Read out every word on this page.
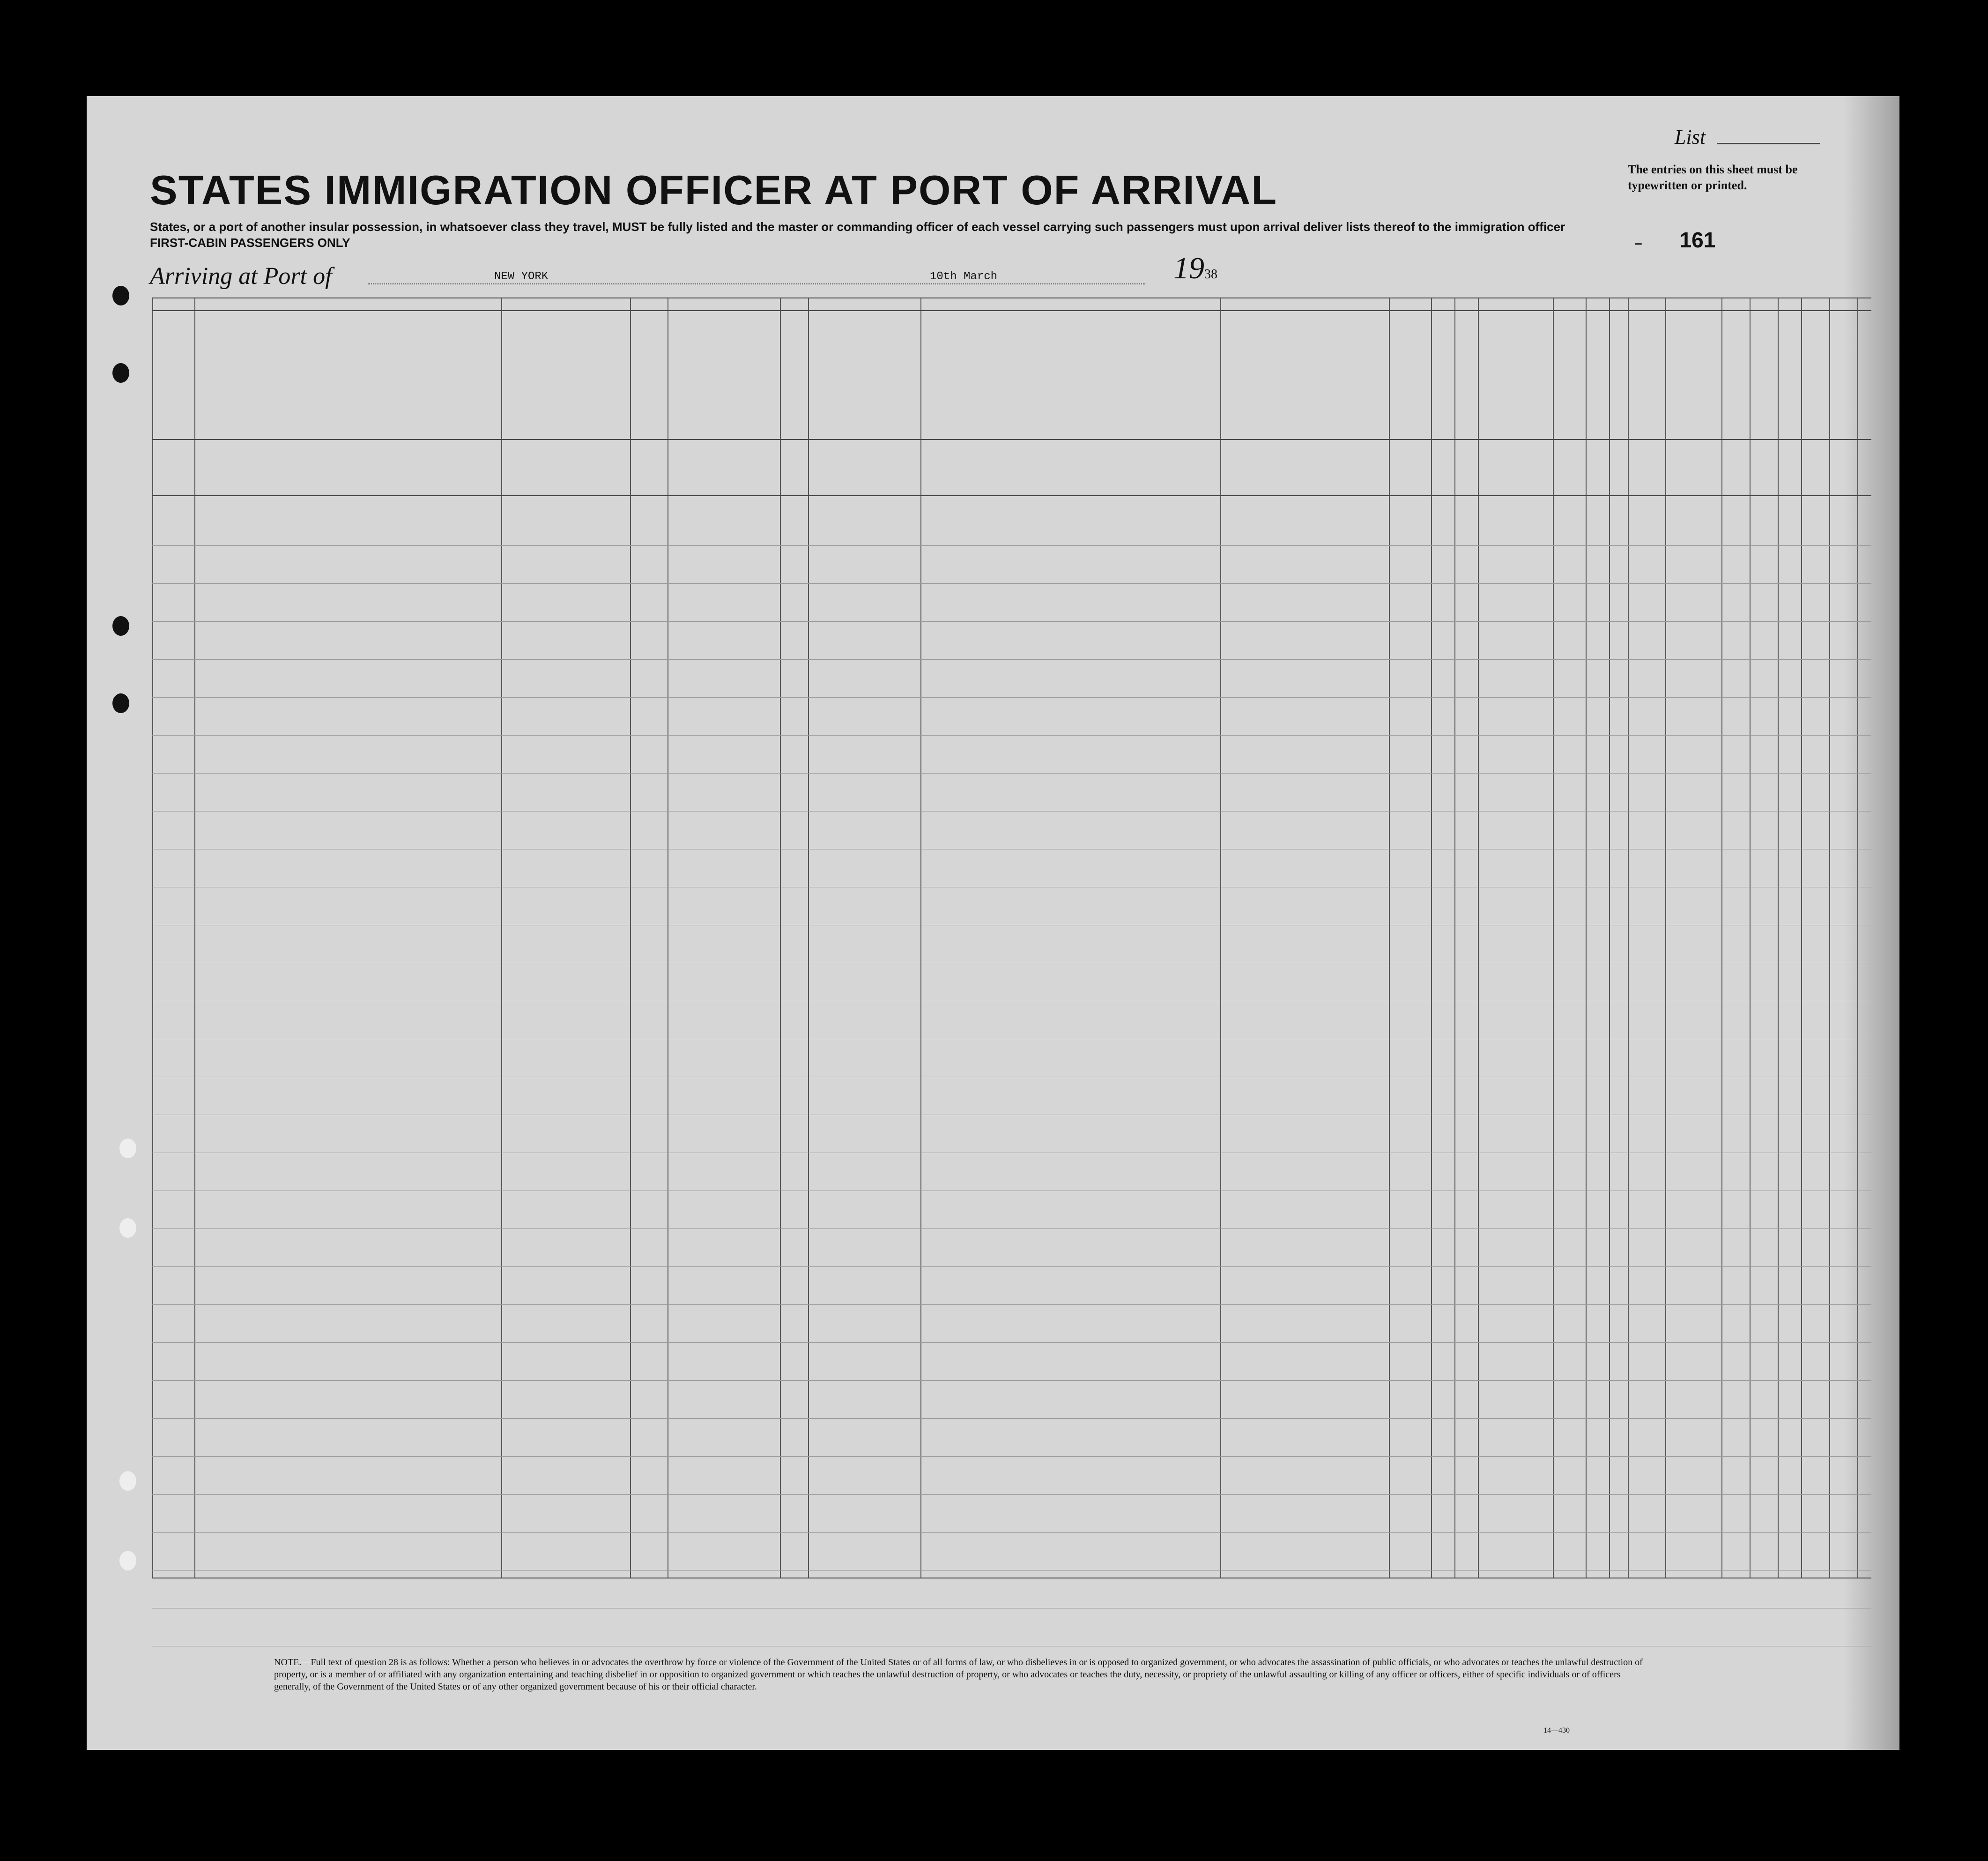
List
The entries on this sheet must be typewritten or printed.
STATES IMMIGRATION OFFICER AT PORT OF ARRIVAL
States, or a port of another insular possession, in whatsoever class they travel, MUST be fully listed and the master or commanding officer of each vessel carrying such passengers must upon arrival deliver lists thereof to the immigration officer
FIRST-CABIN PASSENGERS ONLY	– 161
Arriving at Port of	NEW YORK	10th March	1938
NOTE.—Full text of question 28 is as follows: Whether a person who believes in or advocates the overthrow by force or violence of the Government of the United States or of all forms of law, or who disbelieves in or is opposed to organized government, or who advocates the assassination of public officials, or who advocates or teaches the unlawful destruction of property, or is a member of or affiliated with any organization entertaining and teaching disbelief in or opposition to organized government or which teaches the unlawful destruction of property, or who advocates or teaches the duty, necessity, or propriety of the unlawful assaulting or killing of any officer or officers, either of specific individuals or of officers generally, of the Government of the United States or of any other organized government because of his or their official character.
14—430
